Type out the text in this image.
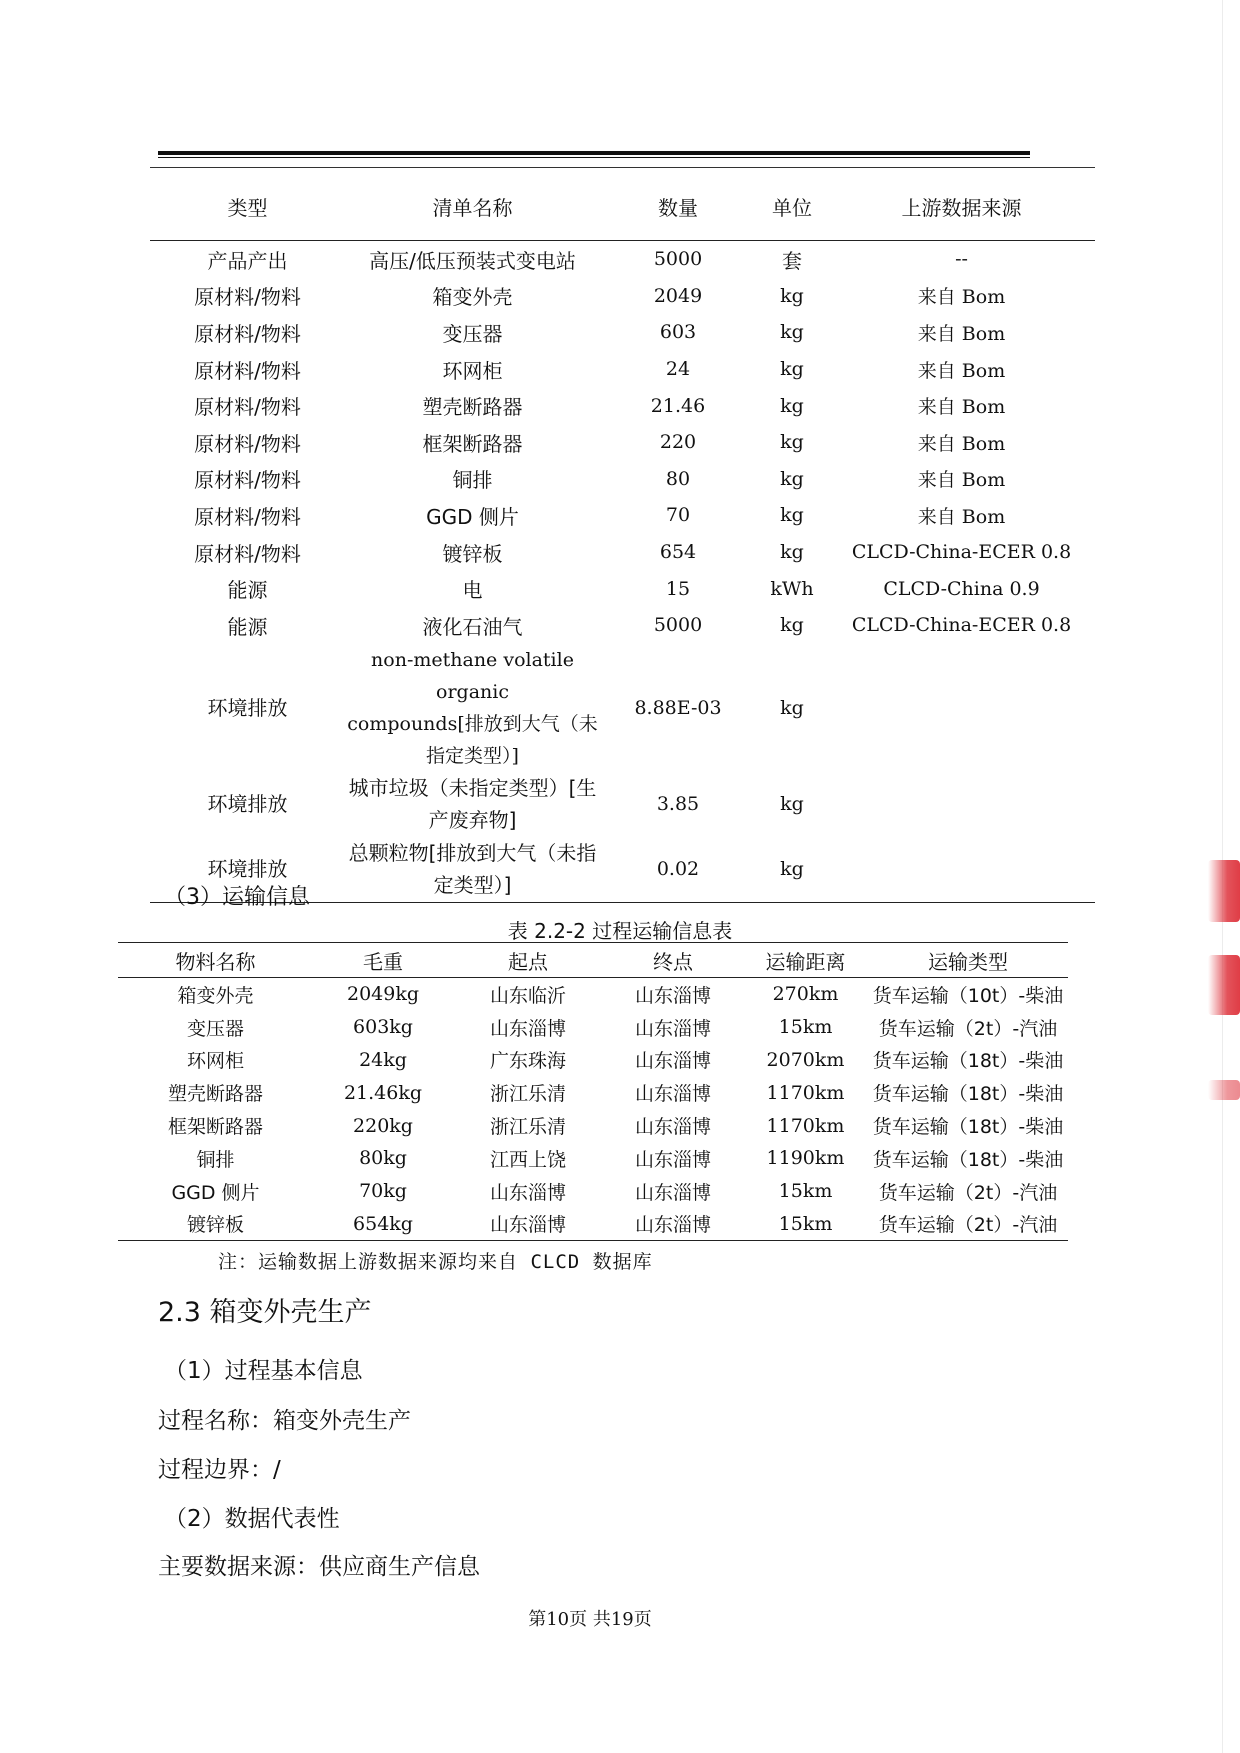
类型	清单名称	数量	单位	上游数据来源
产品产出	高压/低压预装式变电站	5000	套	--
原材料/物料	箱变外壳	2049	kg	来自 Bom
原材料/物料	变压器	603	kg	来自 Bom
原材料/物料	环网柜	24	kg	来自 Bom
原材料/物料	塑壳断路器	21.46	kg	来自 Bom
原材料/物料	框架断路器	220	kg	来自 Bom
原材料/物料	铜排	80	kg	来自 Bom
原材料/物料	GGD 侧片	70	kg	来自 Bom
原材料/物料	镀锌板	654	kg	CLCD-China-ECER 0.8
能源	电	15	kWh	CLCD-China 0.9
能源	液化石油气	5000	kg	CLCD-China-ECER 0.8
环境排放	non-methane volatile organic
compounds[排放到大气（未
指定类型）]	8.88E-03	kg	
环境排放	城市垃圾（未指定类型）[生
产废弃物]	3.85	kg	
环境排放	总颗粒物[排放到大气（未指
定类型）]	0.02	kg	
（3）运输信息
表 2.2-2 过程运输信息表
物料名称	毛重	起点	终点	运输距离	运输类型
箱变外壳	2049kg	山东临沂	山东淄博	270km	货车运输（10t）-柴油
变压器	603kg	山东淄博	山东淄博	15km	货车运输（2t）-汽油
环网柜	24kg	广东珠海	山东淄博	2070km	货车运输（18t）-柴油
塑壳断路器	21.46kg	浙江乐清	山东淄博	1170km	货车运输（18t）-柴油
框架断路器	220kg	浙江乐清	山东淄博	1170km	货车运输（18t）-柴油
铜排	80kg	江西上饶	山东淄博	1190km	货车运输（18t）-柴油
GGD 侧片	70kg	山东淄博	山东淄博	15km	货车运输（2t）-汽油
镀锌板	654kg	山东淄博	山东淄博	15km	货车运输（2t）-汽油
注：运输数据上游数据来源均来自 CLCD 数据库
2.3 箱变外壳生产
（1）过程基本信息
过程名称：箱变外壳生产
过程边界：/
（2）数据代表性
主要数据来源：供应商生产信息
第10页 共19页
